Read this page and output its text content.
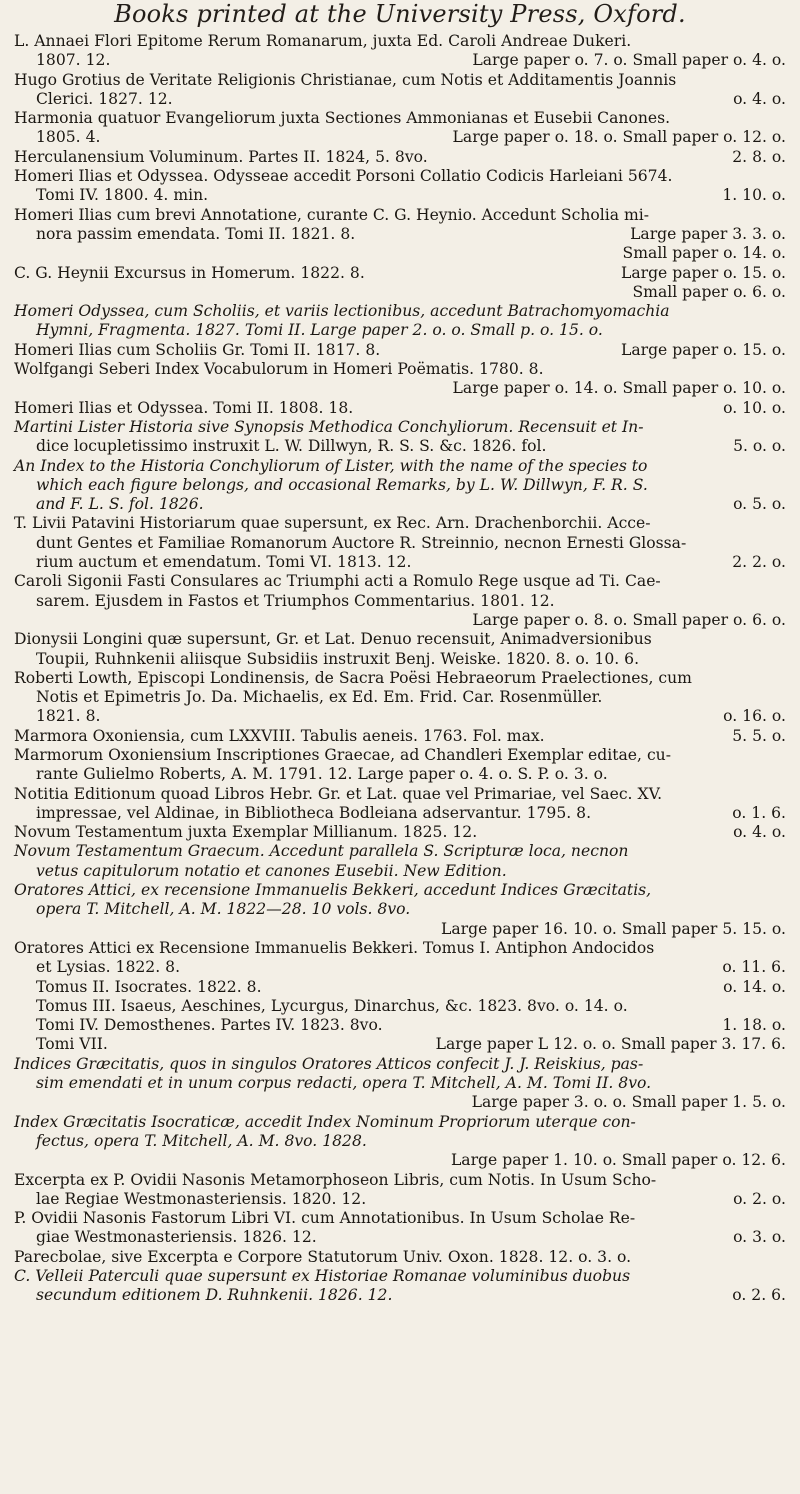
Books printed at the University Press, Oxford.
L. Annaei Flori Epitome Rerum Romanarum, juxta Ed. Caroli Andreae Dukeri.
1807. 12.	Large paper o. 7. o. Small paper o. 4. o.
Hugo Grotius de Veritate Religionis Christianae, cum Notis et Additamentis Joannis
Clerici. 1827. 12.	o. 4. o.
Harmonia quatuor Evangeliorum juxta Sectiones Ammonianas et Eusebii Canones.
1805. 4.	Large paper o. 18. o. Small paper o. 12. o.
Herculanensium Voluminum. Partes II. 1824, 5. 8vo.	2. 8. o.
Homeri Ilias et Odyssea. Odysseae accedit Porsoni Collatio Codicis Harleiani 5674.
Tomi IV. 1800. 4. min.	1. 10. o.
Homeri Ilias cum brevi Annotatione, curante C. G. Heynio. Accedunt Scholia mi-
nora passim emendata. Tomi II. 1821. 8.	Large paper 3. 3. o.
Small paper o. 14. o.
C. G. Heynii Excursus in Homerum. 1822. 8.	Large paper o. 15. o.
Small paper o. 6. o.
Homeri Odyssea, cum Scholiis, et variis lectionibus, accedunt Batrachomyomachia
Hymni, Fragmenta. 1827. Tomi II. Large paper 2. o. o. Small p. o. 15. o.
Homeri Ilias cum Scholiis Gr. Tomi II. 1817. 8.	Large paper o. 15. o.
Wolfgangi Seberi Index Vocabulorum in Homeri Poëmatis. 1780. 8.
Large paper o. 14. o. Small paper o. 10. o.
Homeri Ilias et Odyssea. Tomi II. 1808. 18.	o. 10. o.
Martini Lister Historia sive Synopsis Methodica Conchyliorum. Recensuit et In-
dice locupletissimo instruxit L. W. Dillwyn, R. S. S. &c. 1826. fol.	5. o. o.
An Index to the Historia Conchyliorum of Lister, with the name of the species to
which each figure belongs, and occasional Remarks, by L. W. Dillwyn, F. R. S.
and F. L. S. fol. 1826.	o. 5. o.
T. Livii Patavini Historiarum quae supersunt, ex Rec. Arn. Drachenborchii. Acce-
dunt Gentes et Familiae Romanorum Auctore R. Streinnio, necnon Ernesti Glossa-
rium auctum et emendatum. Tomi VI. 1813. 12.	2. 2. o.
Caroli Sigonii Fasti Consulares ac Triumphi acti a Romulo Rege usque ad Ti. Cae-
sarem. Ejusdem in Fastos et Triumphos Commentarius. 1801. 12.
Large paper o. 8. o. Small paper o. 6. o.
Dionysii Longini quæ supersunt, Gr. et Lat. Denuo recensuit, Animadversionibus
Toupii, Ruhnkenii aliisque Subsidiis instruxit Benj. Weiske. 1820. 8. o. 10. 6.
Roberti Lowth, Episcopi Londinensis, de Sacra Poësi Hebraeorum Praelectiones, cum
Notis et Epimetris Jo. Da. Michaelis, ex Ed. Em. Frid. Car. Rosenmüller.
1821. 8.	o. 16. o.
Marmora Oxoniensia, cum LXXVIII. Tabulis aeneis. 1763. Fol. max.	5. 5. o.
Marmorum Oxoniensium Inscriptiones Graecae, ad Chandleri Exemplar editae, cu-
rante Gulielmo Roberts, A. M. 1791. 12. Large paper o. 4. o. S. P. o. 3. o.
Notitia Editionum quoad Libros Hebr. Gr. et Lat. quae vel Primariae, vel Saec. XV.
impressae, vel Aldinae, in Bibliotheca Bodleiana adservantur. 1795. 8.	o. 1. 6.
Novum Testamentum juxta Exemplar Millianum. 1825. 12.	o. 4. o.
Novum Testamentum Graecum. Accedunt parallela S. Scripturæ loca, necnon
vetus capitulorum notatio et canones Eusebii. New Edition.
Oratores Attici, ex recensione Immanuelis Bekkeri, accedunt Indices Græcitatis,
opera T. Mitchell, A. M. 1822—28. 10 vols. 8vo.
Large paper 16. 10. o. Small paper 5. 15. o.
Oratores Attici ex Recensione Immanuelis Bekkeri. Tomus I. Antiphon Andocidos
et Lysias. 1822. 8.	o. 11. 6.
Tomus II. Isocrates. 1822. 8.	o. 14. o.
Tomus III. Isaeus, Aeschines, Lycurgus, Dinarchus, &c. 1823. 8vo. o. 14. o.
Tomi IV. Demosthenes. Partes IV. 1823. 8vo.	1. 18. o.
Tomi VII.	Large paper L 12. o. o. Small paper 3. 17. 6.
Indices Græcitatis, quos in singulos Oratores Atticos confecit J. J. Reiskius, pas-
sim emendati et in unum corpus redacti, opera T. Mitchell, A. M. Tomi II. 8vo.
Large paper 3. o. o. Small paper 1. 5. o.
Index Græcitatis Isocraticæ, accedit Index Nominum Propriorum uterque con-
fectus, opera T. Mitchell, A. M. 8vo. 1828.
Large paper 1. 10. o. Small paper o. 12. 6.
Excerpta ex P. Ovidii Nasonis Metamorphoseon Libris, cum Notis. In Usum Scho-
lae Regiae Westmonasteriensis. 1820. 12.	o. 2. o.
P. Ovidii Nasonis Fastorum Libri VI. cum Annotationibus. In Usum Scholae Re-
giae Westmonasteriensis. 1826. 12.	o. 3. o.
Parecbolae, sive Excerpta e Corpore Statutorum Univ. Oxon. 1828. 12. o. 3. o.
C. Velleii Paterculi quae supersunt ex Historiae Romanae voluminibus duobus
secundum editionem D. Ruhnkenii. 1826. 12.	o. 2. 6.
